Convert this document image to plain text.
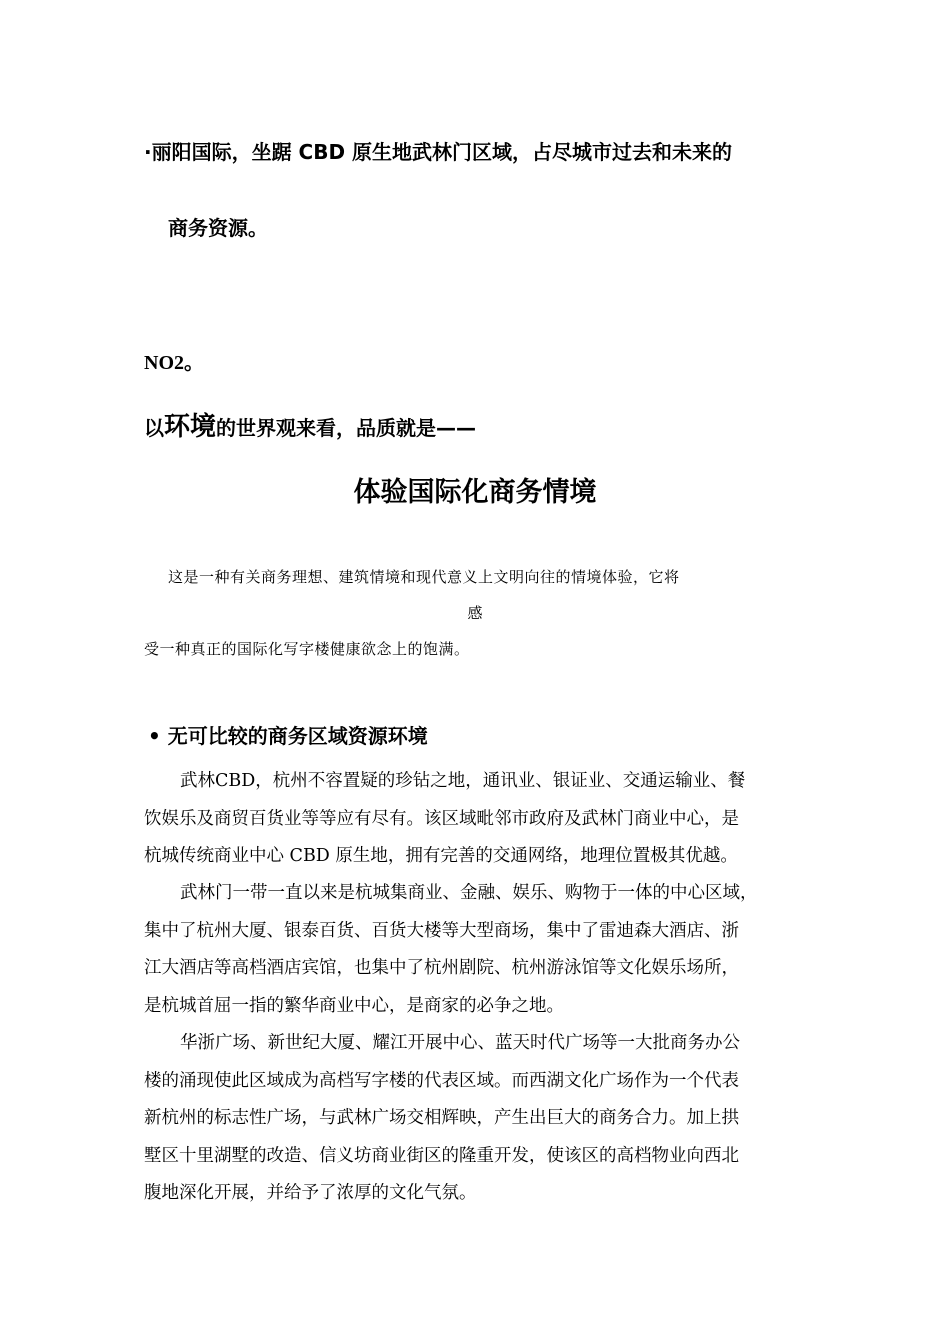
·丽阳国际，坐踞 CBD 原生地武林门区域，占尽城市过去和未来的
商务资源。
NO2。
以环境的世界观来看，品质就是——
体验国际化商务情境
这是一种有关商务理想、建筑情境和现代意义上文明向往的情境体验，它将
感
受一种真正的国际化写字楼健康欲念上的饱满。
• 无可比较的商务区域资源环境
武林CBD，杭州不容置疑的珍钻之地，通讯业、银证业、交通运输业、餐
饮娱乐及商贸百货业等等应有尽有。该区域毗邻市政府及武林门商业中心，是
杭城传统商业中心 CBD 原生地，拥有完善的交通网络，地理位置极其优越。
武林门一带一直以来是杭城集商业、金融、娱乐、购物于一体的中心区域，
集中了杭州大厦、银泰百货、百货大楼等大型商场，集中了雷迪森大酒店、浙
江大酒店等高档酒店宾馆，也集中了杭州剧院、杭州游泳馆等文化娱乐场所，
是杭城首屈一指的繁华商业中心，是商家的必争之地。
华浙广场、新世纪大厦、耀江开展中心、蓝天时代广场等一大批商务办公
楼的涌现使此区域成为高档写字楼的代表区域。而西湖文化广场作为一个代表
新杭州的标志性广场，与武林广场交相辉映，产生出巨大的商务合力。加上拱
墅区十里湖墅的改造、信义坊商业街区的隆重开发，使该区的高档物业向西北
腹地深化开展，并给予了浓厚的文化气氛。
